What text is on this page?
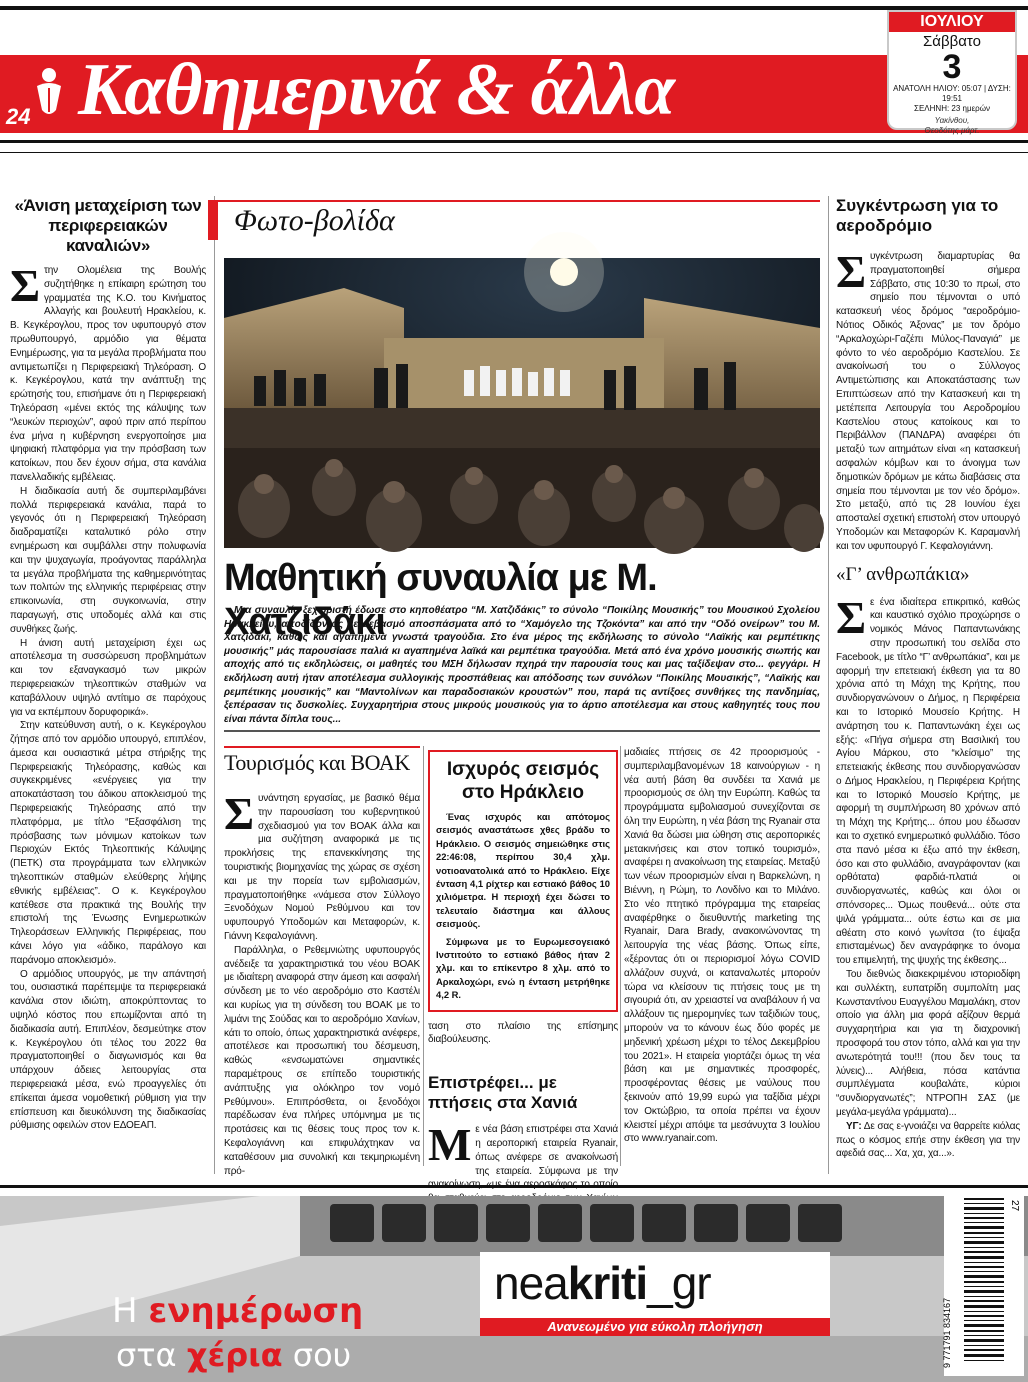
24 Καθημερινά & άλλα
ΙΟΥΛΙΟΥ
Σάββατο
3
ΑΝΑΤΟΛΗ ΗΛΙΟΥ: 05:07 | ΔΥΣΗ: 19:51
ΣΕΛΗΝΗ: 23 ημερών
Υακίνθου,
Θεοδότης μάρτ.
«Άνιση μεταχείριση των περιφερειακών καναλιών»

Στην Ολομέλεια της Βουλής συζητήθηκε η επίκαιρη ερώτηση του γραμματέα της Κ.Ο. του Κινήματος Αλλαγής και βουλευτή Ηρακλείου, κ. Β. Κεγκέρογλου, προς τον υφυπουργό στον πρωθυπουργό, αρμόδιο για θέματα Ενημέρωσης, για τα μεγάλα προβλήματα που αντιμετωπίζει η Περιφερειακή Τηλεόραση. Ο κ. Κεγκέρογλου, κατά την ανάπτυξη της ερώτησής του, επισήμανε ότι η Περιφερειακή Τηλεόραση «μένει εκτός της κάλυψης των “λευκών περιοχών”, αφού πριν από περίπου ένα μήνα η κυβέρνηση ενεργοποίησε μια ψηφιακή πλατφόρμα για την πρόσβαση των κατοίκων, που δεν έχουν σήμα, στα κανάλια πανελλαδικής εμβέλειας.

Η διαδικασία αυτή δε συμπεριλαμβάνει πολλά περιφερειακά κανάλια, παρά το γεγονός ότι η Περιφερειακή Τηλεόραση διαδραματίζει καταλυτικό ρόλο στην ενημέρωση και συμβάλλει στην πολυφωνία και την ψυχαγωγία, προάγοντας παράλληλα τα μεγάλα προβλήματα της καθημερινότητας των πολιτών της ελληνικής περιφέρειας στην επικοινωνία, στη συγκοινωνία, στην παραγωγή, στις υποδομές αλλά και στις συνθήκες ζωής.

Η άνιση αυτή μεταχείριση έχει ως αποτέλεσμα τη συσσώρευση προβλημάτων και τον εξαναγκασμό των μικρών περιφερειακών τηλεοπτικών σταθμών να καταβάλλουν υψηλό αντίτιμο σε παρόχους για να εκπέμπουν δορυφορικά».

Στην κατεύθυνση αυτή, ο κ. Κεγκέρογλου ζήτησε από τον αρμόδιο υπουργό, επιπλέον, άμεσα και ουσιαστικά μέτρα στήριξης της Περιφερειακής Τηλεόρασης, καθώς και συγκεκριμένες «ενέργειες για την αποκατάσταση του άδικου αποκλεισμού της Περιφερειακής Τηλεόρασης από την πλατφόρμα, με τίτλο “Εξασφάλιση της πρόσβασης των μόνιμων κατοίκων των Περιοχών Εκτός Τηλεοπτικής Κάλυψης (ΠΕΤΚ) στα προγράμματα των ελληνικών τηλεοπτικών σταθμών ελεύθερης λήψης εθνικής εμβέλειας”. Ο κ. Κεγκέρογλου κατέθεσε στα πρακτικά της Βουλής την επιστολή της Ένωσης Ενημερωτικών Τηλεοράσεων Ελληνικής Περιφέρειας, που κάνει λόγο για «άδικο, παράλογο και παράνομο αποκλεισμό».

Ο αρμόδιος υπουργός, με την απάντησή του, ουσιαστικά παρέπεμψε τα περιφερειακά κανάλια στον ιδιώτη, αποκρύπτοντας το υψηλό κόστος που επωμίζονται από τη διαδικασία αυτή. Επιπλέον, δεσμεύτηκε στον κ. Κεγκέρογλου ότι τέλος του 2022 θα πραγματοποιηθεί ο διαγωνισμός και θα υπάρχουν άδειες λειτουργίας στα περιφερειακά μέσα, ενώ προαγγελίες ότι επίκειται άμεσα νομοθετική ρύθμιση για την επίσπευση και διευκόλυνση της διαδικασίας ρύθμισης οφειλών στον ΕΔΟΕΑΠ.

Φωτο-βολίδα
Μαθητική συναυλία με Μ. Χατζιδάκι
Μια συναυλία ξεχωριστή έδωσε στο κηποθέατρο “Μ. Χατζιδάκις” το σύνολο “Ποικίλης Μουσικής” του Μουσικού Σχολείου Ηρακλείου, αποδίδοντας με σεβασμό αποσπάσματα από το “Χαμόγελο της Τζοκόντα” και από την “Οδό ονείρων” του Μ. Χατζιδάκι, καθώς και αγαπημένα γνωστά τραγούδια. Στο ένα μέρος της εκδήλωσης το σύνολο “Λαϊκής και ρεμπέτικης μουσικής” μάς παρουσίασε παλιά κι αγαπημένα λαϊκά και ρεμπέτικα τραγούδια. Μετά από ένα χρόνο μουσικής σιωπής και αποχής από τις εκδηλώσεις, οι μαθητές του ΜΣΗ δήλωσαν πχηρά την παρουσία τους και μας ταξίδεψαν στο... φεγγάρι. Η εκδήλωση αυτή ήταν αποτέλεσμα συλλογικής προσπάθειας και απόδοσης των συνόλων “Ποικίλης Μουσικής”, “Λαϊκής και ρεμπέτικης μουσικής” και “Μαντολίνων και παραδοσιακών κρουστών” που, παρά τις αντίξοες συνθήκες της πανδημίας, ξεπέρασαν τις δυσκολίες. Συγχαρητήρια στους μικρούς μουσικούς για το άρτιο αποτέλεσμα και στους καθηγητές τους που είναι πάντα δίπλα τους...
Τουρισμός και ΒΟΑΚ

Συνάντηση εργασίας, με βασικό θέμα την παρουσίαση του κυβερνητικού σχεδιασμού για τον ΒΟΑΚ άλλα και μια συζήτηση αναφορικά με τις προκλήσεις της επανεκκίνησης της τουριστικής βιομηχανίας της χώρας σε σχέση και με την πορεία των εμβολιασμών, πραγματοποιήθηκε «νάμεσα στον Σύλλογο Ξενοδόχων Νομού Ρεθύμνου και τον υφυπουργό Υποδομών και Μεταφορών, κ. Γιάννη Κεφαλογιάννη.

Παράλληλα, ο Ρεθεμνιώτης υφυπουργός ανέδειξε τα χαρακτηριστικά του νέου ΒΟΑΚ με ιδιαίτερη αναφορά στην άμεση και ασφαλή σύνδεση με το νέο αεροδρόμιο στο Καστέλι και κυρίως για τη σύνδεση του ΒΟΑΚ με το λιμάνι της Σούδας και το αεροδρόμιο Χανίων, κάτι το οποίο, όπως χαρακτηριστικά ανέφερε, αποτέλεσε και προσωπική του δέσμευση, καθώς «ενσωματώνει σημαντικές παραμέτρους σε επίπεδο τουριστικής ανάπτυξης για ολόκληρο τον νομό Ρεθύμνου». Επιπρόσθετα, οι ξενοδόχοι παρέδωσαν ένα πλήρες υπόμνημα με τις προτάσεις και τις θέσεις τους προς τον κ. Κεφαλογιάννη και επιφυλάχτηκαν να καταθέσουν μια συνολική και τεκμηριωμένη πρό-

Ισχυρός σεισμός στο Ηράκλειο
Ένας ισχυρός και απότομος σεισμός αναστάτωσε χθες βράδυ το Ηράκλειο. Ο σεισμός σημειώθηκε στις 22:46:08, περίπου 30,4 χλμ. νοτιοανατολικά από το Ηράκλειο. Είχε ένταση 4,1 ρίχτερ και εστιακό βάθος 10 χιλιόμετρα. Η περιοχή έχει δώσει το τελευταίο διάστημα και άλλους σεισμούς.
Σύμφωνα με το Ευρωμεσογειακό Ινστιτούτο το εστιακό βάθος ήταν 2 χλμ. και το επίκεντρο 8 χλμ. από το Αρκαλοχώρι, ενώ η ένταση μετρήθηκε 4,2 R.
ταση στο πλαίσιο της επίσημης διαβούλευσης.
Επιστρέφει... με πτήσεις στα Χανιά

Με νέα βάση επιστρέφει στα Χανιά η αεροπορική εταιρεία Ryanair, όπως ανέφερε σε ανακοίνωσή της εταιρεία. Σύμφωνα με την

μαδιαίες πτήσεις σε 42 προορισμούς - συμπεριλαμβανομένων 18 καινούργιων - η νέα αυτή βάση θα συνδέει τα Χανιά με προορισμούς σε όλη την Ευρώπη. Καθώς τα προγράμματα εμβολιασμού συνεχίζονται σε όλη την Ευρώπη, η νέα βάση της Ryanair στα Χανιά θα δώσει μια ώθηση στις αεροπορικές μετακινήσεις και στον τοπικό τουρισμό», αναφέρει η ανακοίνωση της εταιρείας. Μεταξύ των νέων προορισμών είναι η Βαρκελώνη, η Βιέννη, η Ρώμη, το Λονδίνο και το Μιλάνο. Στο νέο πτητικό πρόγραμμα της εταιρείας αναφέρθηκε ο διευθυντής marketing της Ryanair, Dara Brady, ανακοινώνοντας τη λειτουργία της νέας βάσης. Όπως είπε, «ξέροντας ότι οι περιορισμοί λόγω COVID αλλάζουν συχνά, οι καταναλωτές μπορούν τώρα να κλείσουν τις πτήσεις τους με τη σιγουριά ότι, αν χρειαστεί να αναβάλουν ή να αλλάξουν τις ημερομηνίες των ταξιδιών τους, μπορούν να το κάνουν έως δύο φορές με μηδενική χρέωση μέχρι το τέλος Δεκεμβρίου του 2021». Η εταιρεία γιορτάζει όμως τη νέα βάση και με σημαντικές προσφορές, προσφέροντας θέσεις με ναύλους που ξεκινούν από 19,99 ευρώ για ταξίδια μέχρι τον Οκτώβριο, τα οποία πρέπει να έχουν κλειστεί μέχρι απόψε τα μεσάνυχτα 3 Ιουλίου στο www.ryanair.com.

Συγκέντρωση για το αεροδρόμιο

Συγκέντρωση διαμαρτυρίας θα πραγματοποιηθεί σήμερα Σάββατο, στις 10:30 το πρωί, στο σημείο που τέμνονται ο υπό κατασκευή νέος δρόμος “αεροδρόμιο-Νότιος Οδικός Άξονας” με τον δρόμο “Αρκαλοχώρι-Γαζέπι Μύλος-Παναγιά” με φόντο το νέο αεροδρόμιο Καστελίου. Σε ανακοίνωσή του ο Σύλλογος Αντιμετώπισης και Αποκατάστασης των Επιπτώσεων από την Κατασκευή και τη μετέπειτα Λειτουργία του Αεροδρομίου Καστελίου στους κατοίκους και το Περιβάλλον (ΠΑΝΔΡΑ) αναφέρει ότι μεταξύ των αιτημάτων είναι «η κατασκευή ασφαλών κόμβων και το άνοιγμα των δημοτικών δρόμων με κάτω διαβάσεις στα σημεία που τέμνονται με τον νέο δρόμο». Στο μεταξύ, από τις 28 Ιουνίου έχει αποσταλεί σχετική επιστολή στον υπουργό Υποδομών και Μεταφορών Κ. Καραμανλή και τον υφυπουργό Γ. Κεφαλογιάννη.

«Γ’ ανθρωπάκια»

Σε ένα ιδιαίτερα επικριτικό, καθώς και καυστικό σχόλιο προχώρησε ο νομικός Μάνος Παπαντωνάκης στην προσωπική του σελίδα στο Facebook, με τίτλο “Γ’ ανθρωπάκια”, και με αφορμή την επετειακή έκθεση για τα 80 χρόνια από τη Μάχη της Κρήτης, που συνδιοργανώνουν ο Δήμος, η Περιφέρεια και το Ιστορικό Μουσείο Κρήτης. Η ανάρτηση του κ. Παπαντωνάκη έχει ως εξής: «Πήγα σήμερα στη Βασιλική του Αγίου Μάρκου, στο “κλείσιμο” της επετειακής έκθεσης που συνδιοργανώσαν ο Δήμος Ηρακλείου, η Περιφέρεια Κρήτης και το Ιστορικό Μουσείο Κρήτης, με αφορμή τη συμπλήρωση 80 χρόνων από τη Μάχη της Κρήτης... όπου μου έδωσαν και το σχετικό ενημερωτικό φυλλάδιο. Τόσο στα πανό μέσα κι έξω από την έκθεση, όσο και στο φυλλάδιο, αναγράφονταν (και ορθότατα) φαρδιά-πλατιά οι συνδιοργανωτές, καθώς και όλοι οι σπόνσορες... Όμως πουθενά... ούτε στα ψιλά γράμματα... ούτε έστω και σε μια αθέατη στο κοινό γωνίτσα (το έψαξα επισταμένως) δεν αναγράφηκε το όνομα του επιμελητή, της ψυχής της έκθεσης...

Του διεθνώς διακεκριμένου ιστοριοδίφη και συλλέκτη, ευπατρίδη συμπολίτη μας Κωνσταντίνου Ευαγγέλου Μαμαλάκη, στον οποίο για άλλη μια φορά αξίζουν θερμά συγχαρητήρια και για τη διαχρονική προσφορά του στον τόπο, αλλά και για την ανωτερότητά του!!! (που δεν τους τα λύνεις)... Αλήθεια, πόσα κατάντια συμπλέγματα κουβαλάτε, κύριοι “συνδιοργανωτές”; ΝΤΡΟΠΗ ΣΑΣ (με μεγάλα-μεγάλα γράμματα)...

ΥΓ: Δε σας ε-γνοιάζει να θαρρείτε κιόλας πως ο κόσμος επήε στην έκθεση για την αφεδιά σας... Χα, χα, χα...».

Η ενημέρωση
στα χέρια σου
neakriti_gr
Ανανεωμένο για εύκολη πλοήγηση
27
9 771791 834167
